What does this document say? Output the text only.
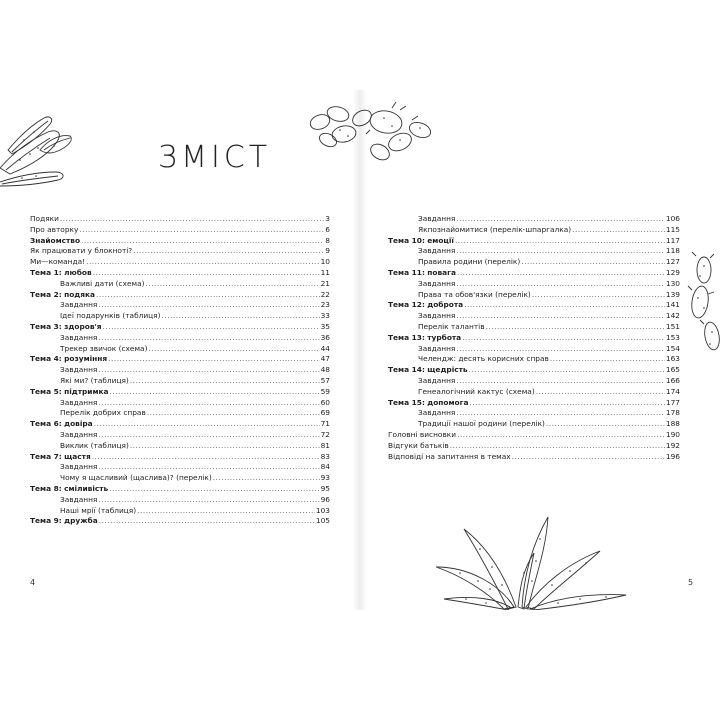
ЗМІСТ
Подяки .....	3
Про авторку .....	6
Знайомство .....	8
Як працювати у блокноті? .....	9
Ми—команда! .....	10
Тема 1: любов .....	11
Важливі дати (схема) .....	21
Тема 2: подяка .....	22
Завдання .....	23
Ідеї подарунків (таблиця) .....	33
Тема 3: здоров'я .....	35
Завдання .....	36
Трекер звичок (схема) .....	44
Тема 4: розуміння .....	47
Завдання .....	48
Які ми? (таблиця) .....	57
Тема 5: підтримка .....	59
Завдання .....	60
Перелік добрих справ .....	69
Тема 6: довіра .....	71
Завдання .....	72
Виклик (таблиця) .....	81
Тема 7: щастя .....	83
Завдання .....	84
Чому я щасливий (щаслива)? (перелік) .....	93
Тема 8: сміливість .....	95
Завдання .....	96
Наші мрії (таблиця) .....	103
Тема 9: дружба .....	105
Завдання .....	106
Якпознайомитися (перелік-шпаргалка) .....	115
Тема 10: емоції .....	117
Завдання .....	118
Правила родини (перелік) .....	127
Тема 11: повага .....	129
Завдання .....	130
Права та обов'язки (перелік) .....	139
Тема 12: доброта .....	141
Завдання .....	142
Перелік талантів .....	151
Тема 13: турбота .....	153
Завдання .....	154
Челендж: десять корисних справ .....	163
Тема 14: щедрість .....	165
Завдання .....	166
Генеалогічний кактус (схема) .....	174
Тема 15: допомога .....	177
Завдання .....	178
Традиції нашої родини (перелік) .....	188
Головні висновки .....	190
Відгуки батьків .....	192
Відповіді на запитання в темах .....	196
4	5
